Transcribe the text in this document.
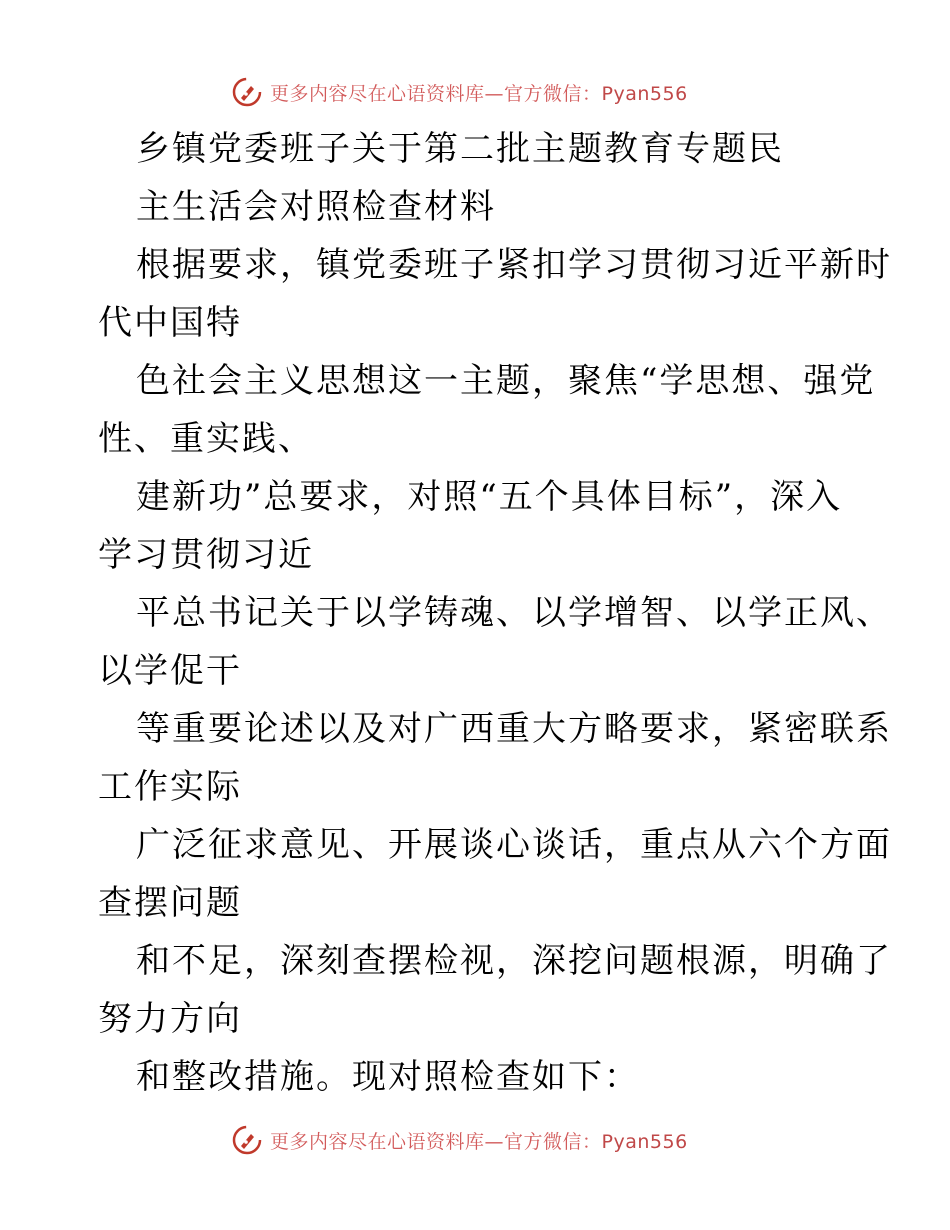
更多内容尽在心语资料库—官方微信：Pyan556
乡镇党委班子关于第二批主题教育专题民
主生活会对照检查材料
根据要求，镇党委班子紧扣学习贯彻习近平新时
代中国特
色社会主义思想这一主题，聚焦“学思想、强党
性、重实践、
建新功”总要求，对照“五个具体目标”，深入
学习贯彻习近
平总书记关于以学铸魂、以学增智、以学正风、
以学促干
等重要论述以及对广西重大方略要求，紧密联系
工作实际
广泛征求意见、开展谈心谈话，重点从六个方面
查摆问题
和不足，深刻查摆检视，深挖问题根源，明确了
努力方向
和整改措施。现对照检查如下：
更多内容尽在心语资料库—官方微信：Pyan556
